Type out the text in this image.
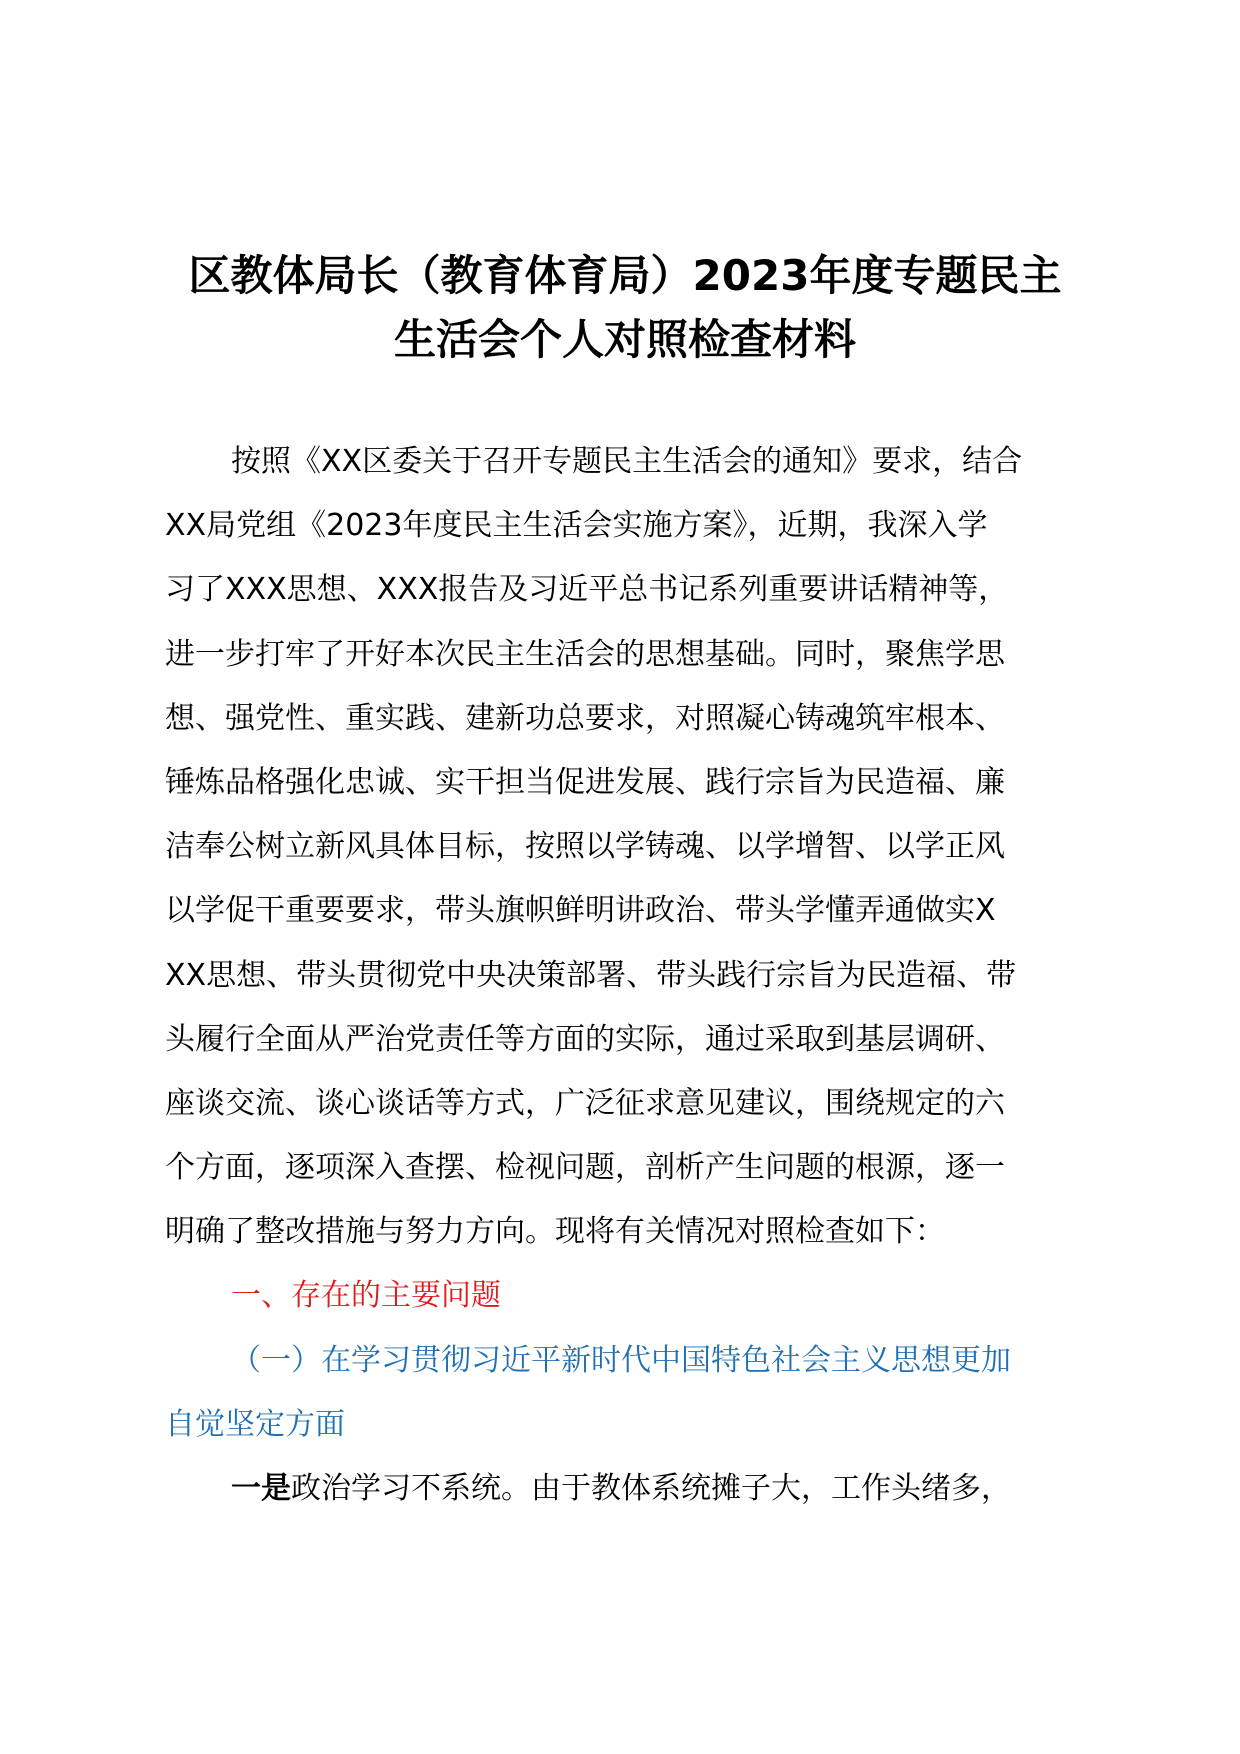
区教体局长（教育体育局）2023年度专题民主
生活会个人对照检查材料
按照《XX区委关于召开专题民主生活会的通知》要求，结合
XX局党组《2023年度民主生活会实施方案》，近期，我深入学
习了XXX思想、XXX报告及习近平总书记系列重要讲话精神等，
进一步打牢了开好本次民主生活会的思想基础。同时，聚焦学思
想、强党性、重实践、建新功总要求，对照凝心铸魂筑牢根本、
锤炼品格强化忠诚、实干担当促进发展、践行宗旨为民造福、廉
洁奉公树立新风具体目标，按照以学铸魂、以学增智、以学正风
以学促干重要要求，带头旗帜鲜明讲政治、带头学懂弄通做实X
XX思想、带头贯彻党中央决策部署、带头践行宗旨为民造福、带
头履行全面从严治党责任等方面的实际，通过采取到基层调研、
座谈交流、谈心谈话等方式，广泛征求意见建议，围绕规定的六
个方面，逐项深入查摆、检视问题，剖析产生问题的根源，逐一
明确了整改措施与努力方向。现将有关情况对照检查如下：
一、存在的主要问题
（一）在学习贯彻习近平新时代中国特色社会主义思想更加
自觉坚定方面
一是政治学习不系统。由于教体系统摊子大，工作头绪多，
